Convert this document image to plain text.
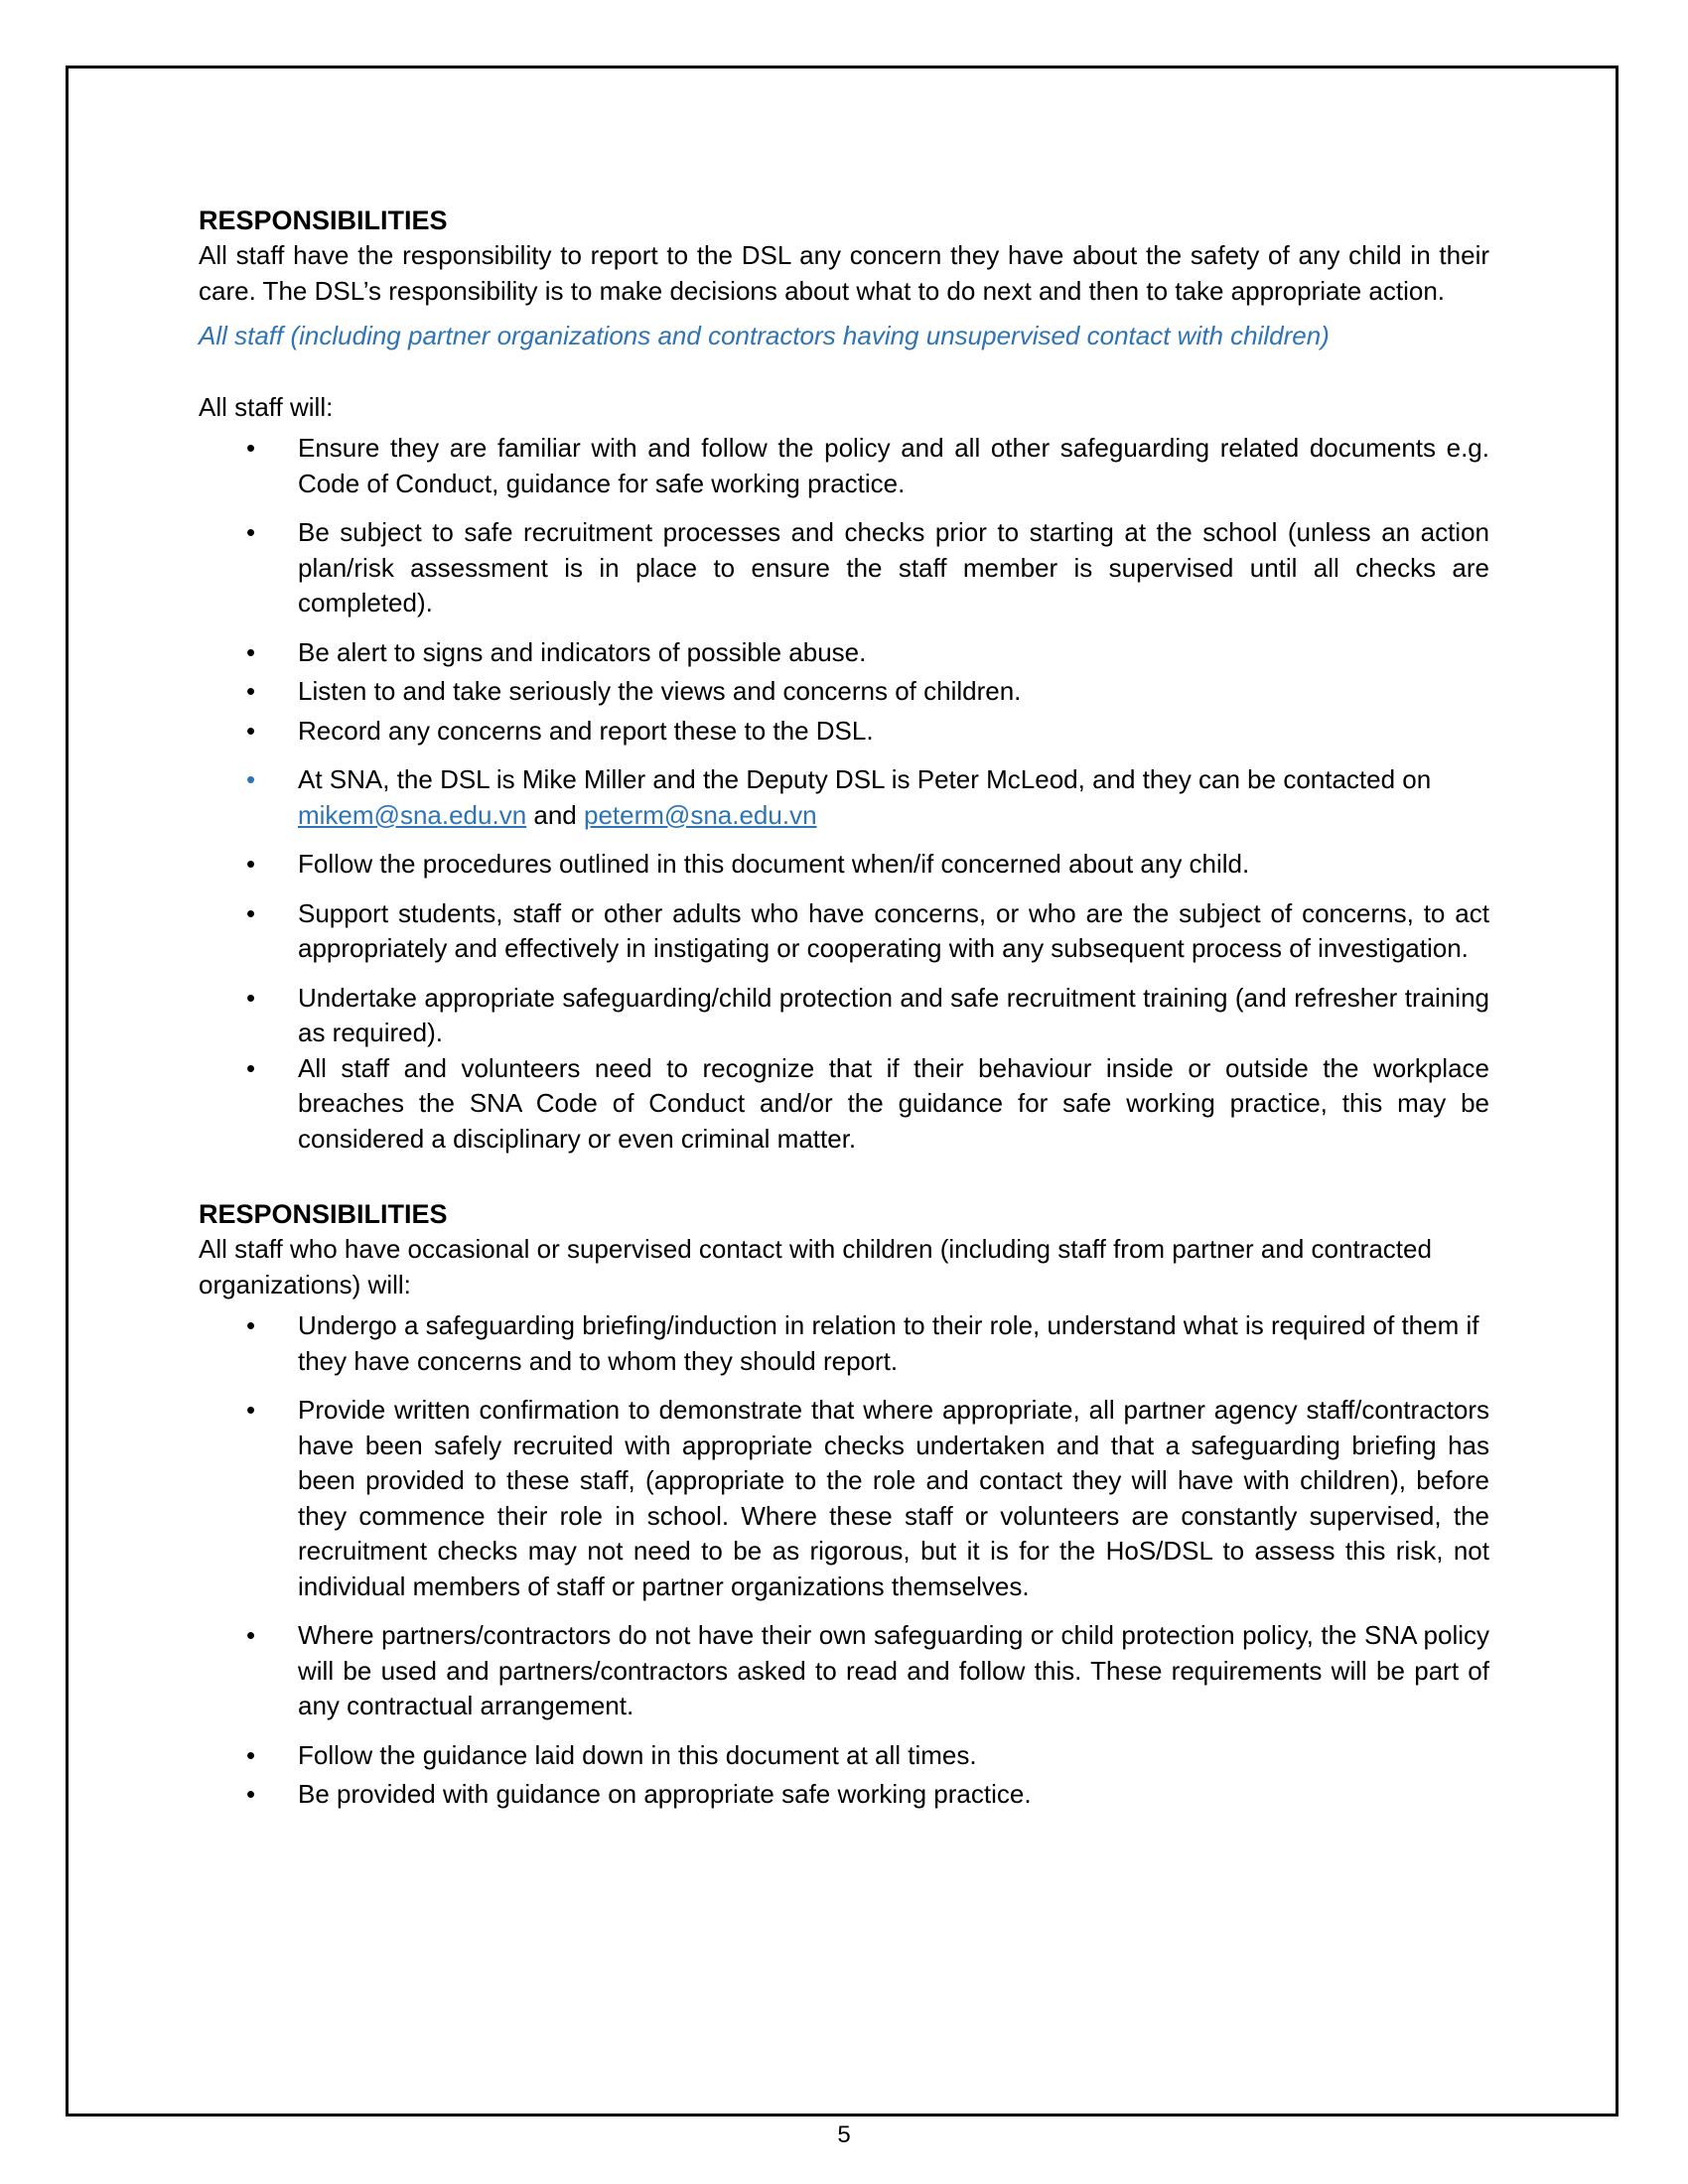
RESPONSIBILITIES

All staff have the responsibility to report to the DSL any concern they have about the safety of any child in their care. The DSL’s responsibility is to make decisions about what to do next and then to take appropriate action.

All staff (including partner organizations and contractors having unsupervised contact with children)

All staff will:

• Ensure they are familiar with and follow the policy and all other safeguarding related documents e.g. Code of Conduct, guidance for safe working practice.
• Be subject to safe recruitment processes and checks prior to starting at the school (unless an action plan/risk assessment is in place to ensure the staff member is supervised until all checks are completed).
• Be alert to signs and indicators of possible abuse.
• Listen to and take seriously the views and concerns of children.
• Record any concerns and report these to the DSL.
• At SNA, the DSL is Mike Miller and the Deputy DSL is Peter McLeod, and they can be contacted on  mikem@sna.edu.vn and peterm@sna.edu.vn
• Follow the procedures outlined in this document when/if concerned about any child.
• Support students, staff or other adults who have concerns, or who are the subject of concerns, to act appropriately and effectively in instigating or cooperating with any subsequent process of investigation.
• Undertake appropriate safeguarding/child protection and safe recruitment training (and refresher training as required).
• All staff and volunteers need to recognize that if their behaviour inside or outside the workplace breaches the SNA Code of Conduct and/or the guidance for safe working practice, this may be considered a disciplinary or even criminal matter.

RESPONSIBILITIES

All staff who have occasional or supervised contact with children (including staff from partner and contracted organizations) will:

• Undergo a safeguarding briefing/induction in relation to their role, understand what is required of them if they have concerns and to whom they should report.
• Provide written confirmation to demonstrate that where appropriate, all partner agency staff/contractors have been safely recruited with appropriate checks undertaken and that a safeguarding briefing has been provided to these staff, (appropriate to the role and contact they will have with children), before they commence their role in school. Where these staff or volunteers are constantly supervised, the recruitment checks may not need to be as rigorous, but it is for the HoS/DSL to assess this risk, not individual members of staff or partner organizations themselves.
• Where partners/contractors do not have their own safeguarding or child protection policy, the SNA policy will be used and partners/contractors asked to read and follow this. These requirements will be part of any contractual arrangement.
• Follow the guidance laid down in this document at all times.
• Be provided with guidance on appropriate safe working practice.
5
